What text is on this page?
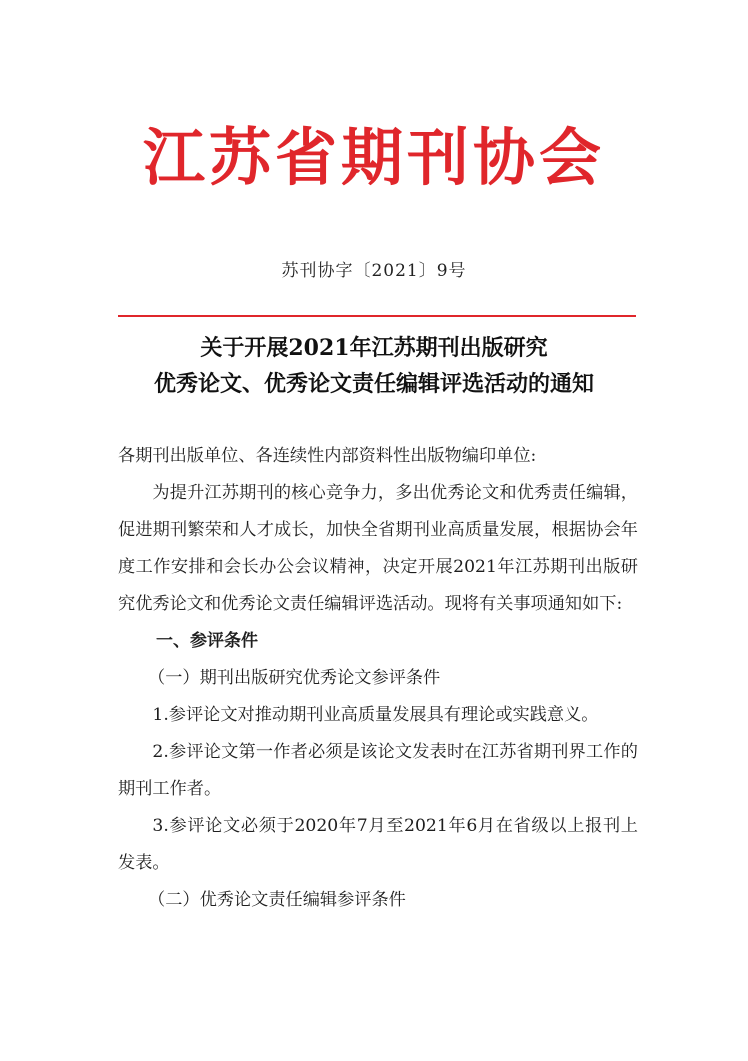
江苏省期刊协会
苏刊协字〔2021〕9号
关于开展2021年江苏期刊出版研究
优秀论文、优秀论文责任编辑评选活动的通知

各期刊出版单位、各连续性内部资料性出版物编印单位:

为提升江苏期刊的核心竞争力，多出优秀论文和优秀责任编辑，促进期刊繁荣和人才成长，加快全省期刊业高质量发展，根据协会年度工作安排和会长办公会议精神，决定开展2021年江苏期刊出版研究优秀论文和优秀论文责任编辑评选活动。现将有关事项通知如下:

一、参评条件

（一）期刊出版研究优秀论文参评条件

1.参评论文对推动期刊业高质量发展具有理论或实践意义。

2.参评论文第一作者必须是该论文发表时在江苏省期刊界工作的期刊工作者。

3.参评论文必须于2020年7月至2021年6月在省级以上报刊上发表。

（二）优秀论文责任编辑参评条件
